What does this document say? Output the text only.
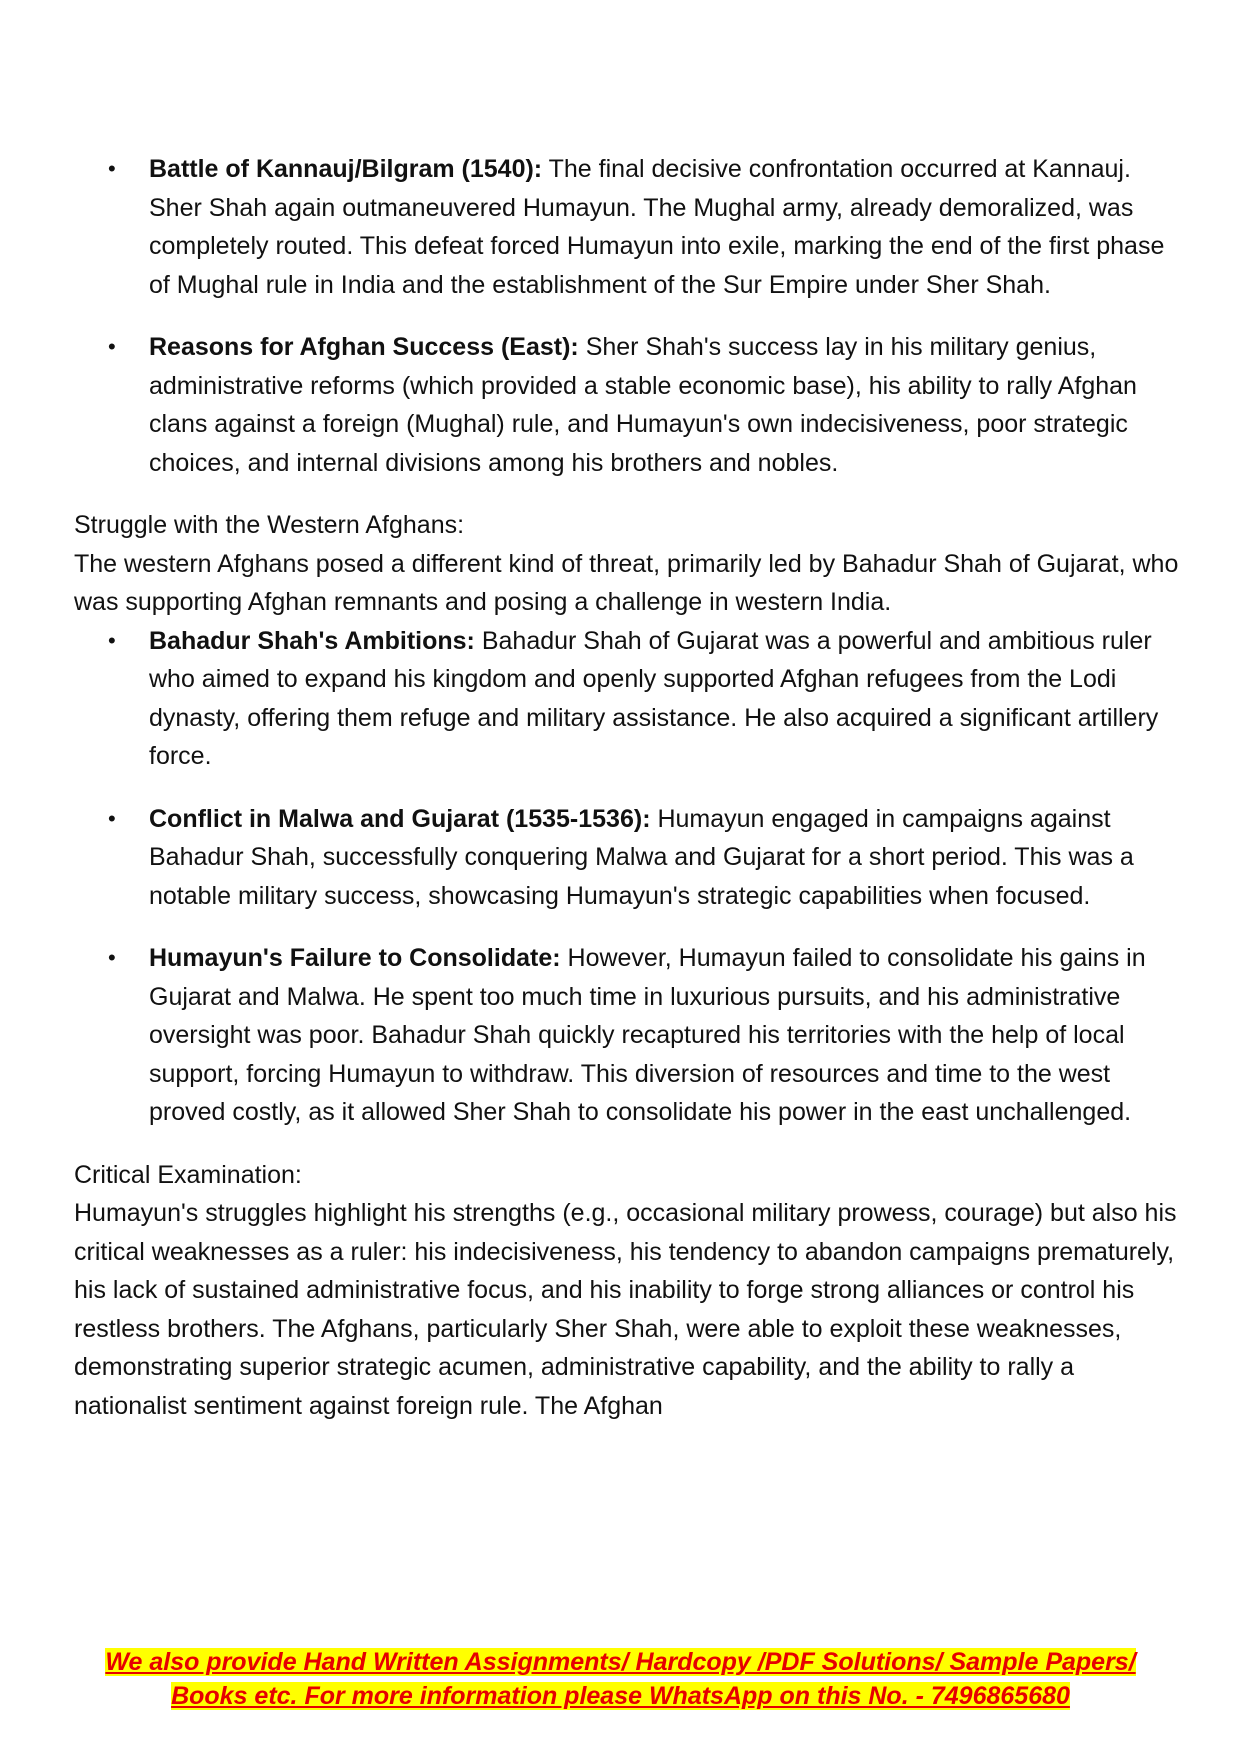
• Battle of Kannauj/Bilgram (1540): The final decisive confrontation occurred at Kannauj. Sher Shah again outmaneuvered Humayun. The Mughal army, already demoralized, was completely routed. This defeat forced Humayun into exile, marking the end of the first phase of Mughal rule in India and the establishment of the Sur Empire under Sher Shah.
• Reasons for Afghan Success (East): Sher Shah's success lay in his military genius, administrative reforms (which provided a stable economic base), his ability to rally Afghan clans against a foreign (Mughal) rule, and Humayun's own indecisiveness, poor strategic choices, and internal divisions among his brothers and nobles.

Struggle with the Western Afghans:

The western Afghans posed a different kind of threat, primarily led by Bahadur Shah of Gujarat, who was supporting Afghan remnants and posing a challenge in western India.

• Bahadur Shah's Ambitions: Bahadur Shah of Gujarat was a powerful and ambitious ruler who aimed to expand his kingdom and openly supported Afghan refugees from the Lodi dynasty, offering them refuge and military assistance. He also acquired a significant artillery force.
• Conflict in Malwa and Gujarat (1535-1536): Humayun engaged in campaigns against Bahadur Shah, successfully conquering Malwa and Gujarat for a short period. This was a notable military success, showcasing Humayun's strategic capabilities when focused.
• Humayun's Failure to Consolidate: However, Humayun failed to consolidate his gains in Gujarat and Malwa. He spent too much time in luxurious pursuits, and his administrative oversight was poor. Bahadur Shah quickly recaptured his territories with the help of local support, forcing Humayun to withdraw. This diversion of resources and time to the west proved costly, as it allowed Sher Shah to consolidate his power in the east unchallenged.

Critical Examination:

Humayun's struggles highlight his strengths (e.g., occasional military prowess, courage) but also his critical weaknesses as a ruler: his indecisiveness, his tendency to abandon campaigns prematurely, his lack of sustained administrative focus, and his inability to forge strong alliances or control his restless brothers. The Afghans, particularly Sher Shah, were able to exploit these weaknesses, demonstrating superior strategic acumen, administrative capability, and the ability to rally a nationalist sentiment against foreign rule. The Afghan

We also provide Hand Written Assignments/ Hardcopy /PDF Solutions/ Sample Papers/
Books etc. For more information please WhatsApp on this No. - 7496865680
